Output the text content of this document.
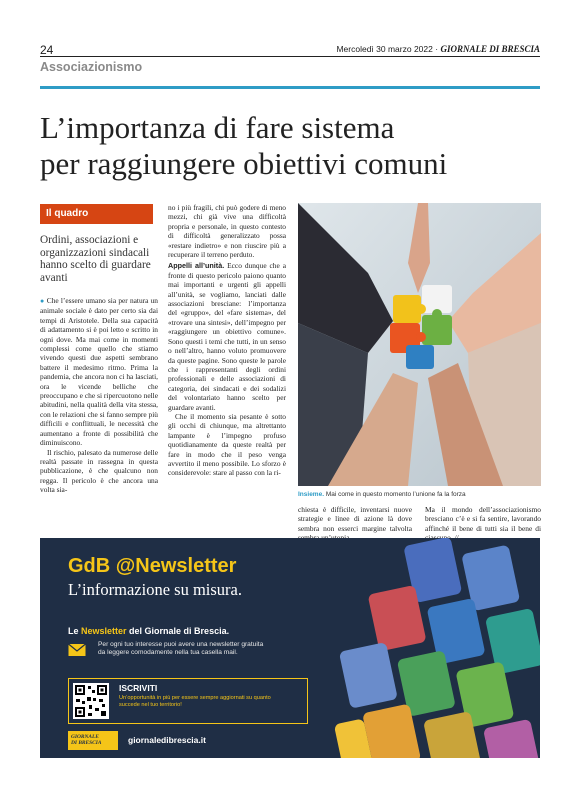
24	Mercoledì 30 marzo 2022 · GIORNALE DI BRESCIA
Associazionismo
L’importanza di fare sistema
per raggiungere obiettivi comuni
Il quadro
Ordini, associazioni e organizzazioni sindacali hanno scelto di guardare avanti

● Che l’essere umano sia per natura un animale sociale è dato per certo sia dai tempi di Aristotele. Della sua capacità di adattamento si è poi letto e scritto in ogni dove. Ma mai come in momenti complessi come quello che stiamo vivendo questi due aspetti sembrano battere il medesimo ritmo. Prima la pandemia, che ancora non ci ha lasciati, ora le vicende belliche che preoccupano e che si ripercuotono nelle abitudini, nella qualità della vita stessa, con le relazioni che si fanno sempre più difficili e conflittuali, le necessità che aumentano a fronte di possibilità che diminuiscono.

Il rischio, palesato da numerose delle realtà passate in rassegna in questa pubblicazione, è che qualcuno non regga. Il pericolo è che ancora una volta sia-

no i più fragili, chi può godere di meno mezzi, chi già vive una difficoltà propria e personale, in questo contesto di difficoltà generalizzato possa «restare indietro» e non riuscire più a recuperare il terreno perduto.

Appelli all’unità. Ecco dunque che a fronte di questo pericolo paiono quanto mai importanti e urgenti gli appelli all’unità, se vogliamo, lanciati dalle associazioni bresciane: l’importanza del «gruppo», del «fare sistema», del «trovare una sintesi», dell’impegno per «raggiungere un obiettivo comune». Sono questi i temi che tutti, in un senso o nell’altro, hanno voluto promuovere da queste pagine. Sono queste le parole che i rappresentanti degli ordini professionali e delle associazioni di categoria, dei sindacati e dei sodalizi del volontariato hanno scelto per guardare avanti.

Che il momento sia pesante è sotto gli occhi di chiunque, ma altrettanto lampante è l’impegno profuso quotidianamente da queste realtà per fare in modo che il peso venga avvertito il meno possibile. Lo sforzo è considerevole: stare al passo con la ri-

Insieme. Mai come in questo momento l’unione fa la forza

chiesta è difficile, inventarsi nuove strategie e linee di azione là dove sembra non esserci margine talvolta

Ma il mondo dell’associazionismo bresciano c’è e si fa sentire, lavorando affinché il bene di tutti sia il bene di

GdB @Newsletter
L’informazione su misura.
Le Newsletter del Giornale di Brescia.
Per ogni tuo interesse puoi avere una newsletter gratuita da leggere comodamente nella tua casella mail.
ISCRIVITI
Un’opportunità in più per essere sempre aggiornati su quanto succede nel tuo territorio!
GIORNALE
DI BRESCIA	giornaledibrescia.it
